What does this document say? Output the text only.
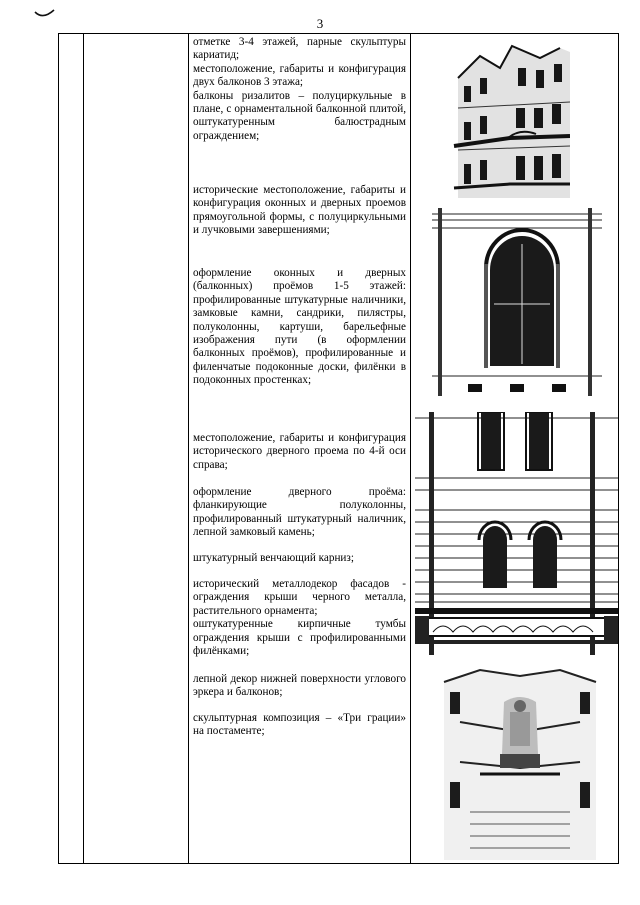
3

отметке 3-4 этажей, парные скульптуры кариатид;

местоположение, габариты и конфигурация двух балконов 3 этажа;

балконы ризалитов – полуциркульные в плане, с орнаментальной балконной плитой, оштукатуренным балюстрадным ограждением;

исторические местоположение, габариты и конфигурация оконных и дверных проемов прямоугольной формы, с полуциркульными и лучковыми завершениями;

оформление оконных и дверных (балконных) проёмов 1-5 этажей: профилированные штукатурные наличники, замковые камни, сандрики, пилястры, полуколонны, картуши, барельефные изображения пути (в оформлении балконных проёмов), профилированные и филенчатые подоконные доски, филёнки в подоконных простенках;

местоположение, габариты и конфигурация исторического дверного проема по 4-й оси справа;

оформление дверного проёма: фланкирующие полуколонны, профилированный штукатурный наличник, лепной замковый камень;

штукатурный венчающий карниз;

исторический металлодекор фасадов - ограждения крыши черного металла, растительного орнамента;

оштукатуренные кирпичные тумбы ограждения крыши с профилированными филёнками;

лепной декор нижней поверхности углового эркера и балконов;

скульптурная композиция – «Три грации» на постаменте;
